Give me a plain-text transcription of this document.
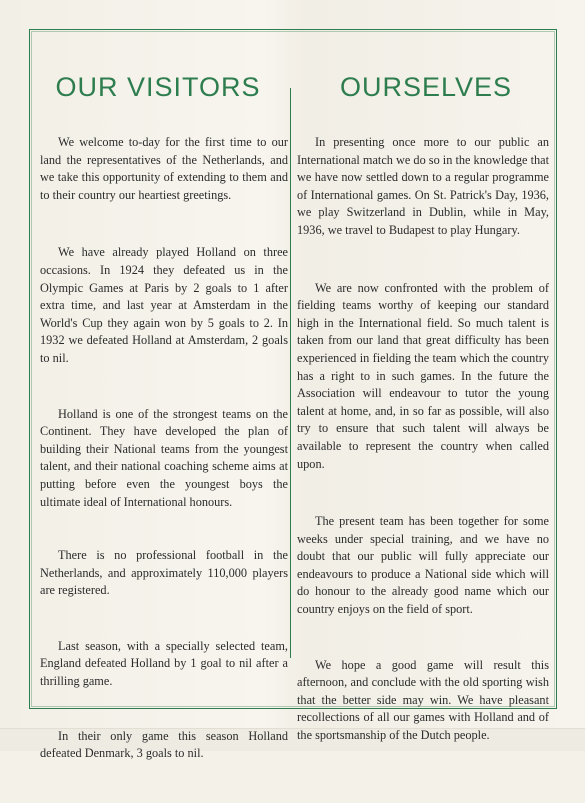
OUR VISITORS

We welcome to-day for the first time to our land the representatives of the Netherlands, and we take this opportunity of extending to them and to their country our heartiest greetings.

We have already played Holland on three occasions. In 1924 they defeated us in the Olympic Games at Paris by 2 goals to 1 after extra time, and last year at Amsterdam in the World's Cup they again won by 5 goals to 2. In 1932 we defeated Holland at Amsterdam, 2 goals to nil.

Holland is one of the strongest teams on the Continent. They have developed the plan of building their National teams from the youngest talent, and their national coaching scheme aims at putting before even the youngest boys the ultimate ideal of International honours.

There is no professional football in the Netherlands, and approximately 110,000 players are registered.

Last season, with a specially selected team, England defeated Holland by 1 goal to nil after a thrilling game.

In their only game this season Holland defeated Denmark, 3 goals to nil.

OURSELVES

In presenting once more to our public an International match we do so in the knowledge that we have now settled down to a regular programme of International games. On St. Patrick's Day, 1936, we play Switzerland in Dublin, while in May, 1936, we travel to Budapest to play Hungary.

We are now confronted with the problem of fielding teams worthy of keeping our standard high in the International field. So much talent is taken from our land that great difficulty has been experienced in fielding the team which the country has a right to in such games. In the future the Association will endeavour to tutor the young talent at home, and, in so far as possible, will also try to ensure that such talent will always be available to represent the country when called upon.

The present team has been together for some weeks under special training, and we have no doubt that our public will fully appreciate our endeavours to produce a National side which will do honour to the already good name which our country enjoys on the field of sport.

We hope a good game will result this afternoon, and conclude with the old sporting wish that the better side may win. We have pleasant recollections of all our games with Holland and of the sportsmanship of the Dutch people.
